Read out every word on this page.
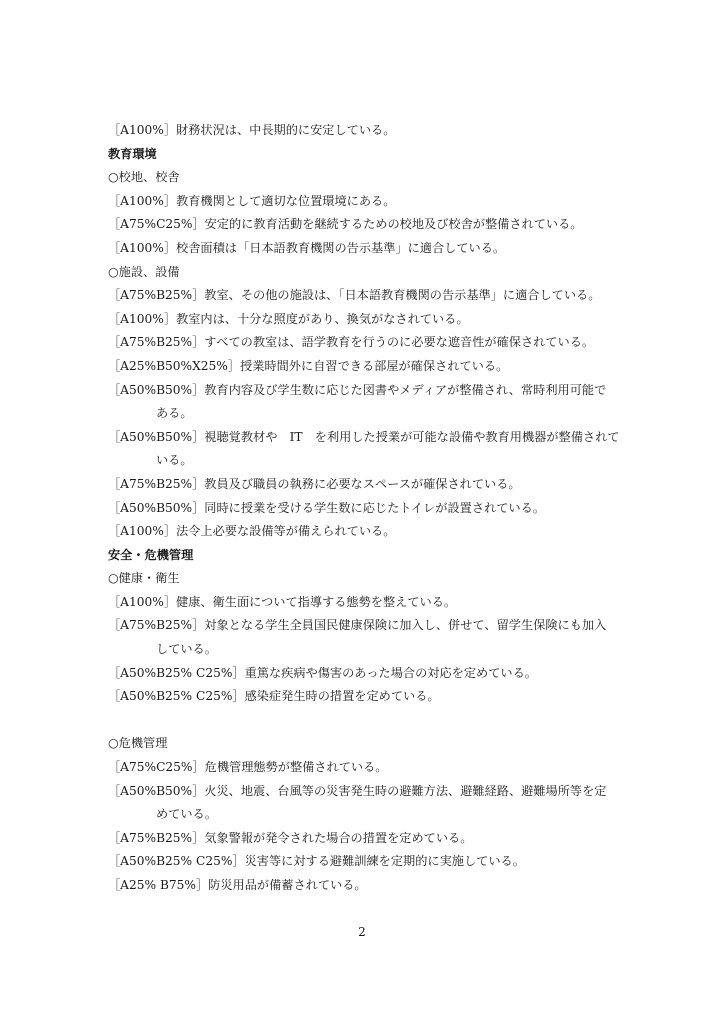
［A100%］財務状況は、中長期的に安定している。
教育環境
○校地、校舎
［A100%］教育機関として適切な位置環境にある。
［A75%C25%］安定的に教育活動を継続するための校地及び校舎が整備されている。
［A100%］校舎面積は「日本語教育機関の告示基準」に適合している。
○施設、設備
［A75%B25%］教室、その他の施設は、「日本語教育機関の告示基準」に適合している。
［A100%］教室内は、十分な照度があり、換気がなされている。
［A75%B25%］すべての教室は、語学教育を行うのに必要な遮音性が確保されている。
［A25%B50%X25%］授業時間外に自習できる部屋が確保されている。
［A50%B50%］教育内容及び学生数に応じた図書やメディアが整備され、常時利用可能で
ある。
［A50%B50%］視聴覚教材や　IT　を利用した授業が可能な設備や教育用機器が整備されて
いる。
［A75%B25%］教員及び職員の執務に必要なスペースが確保されている。
［A50%B50%］同時に授業を受ける学生数に応じたトイレが設置されている。
［A100%］法令上必要な設備等が備えられている。
安全・危機管理
○健康・衛生
［A100%］健康、衛生面について指導する態勢を整えている。
［A75%B25%］対象となる学生全員国民健康保険に加入し、併せて、留学生保険にも加入
している。
［A50%B25% C25%］重篤な疾病や傷害のあった場合の対応を定めている。
［A50%B25% C25%］感染症発生時の措置を定めている。
○危機管理
［A75%C25%］危機管理態勢が整備されている。
［A50%B50%］火災、地震、台風等の災害発生時の避難方法、避難経路、避難場所等を定
めている。
［A75%B25%］気象警報が発令された場合の措置を定めている。
［A50%B25% C25%］災害等に対する避難訓練を定期的に実施している。
［A25% B75%］防災用品が備蓄されている。
2
